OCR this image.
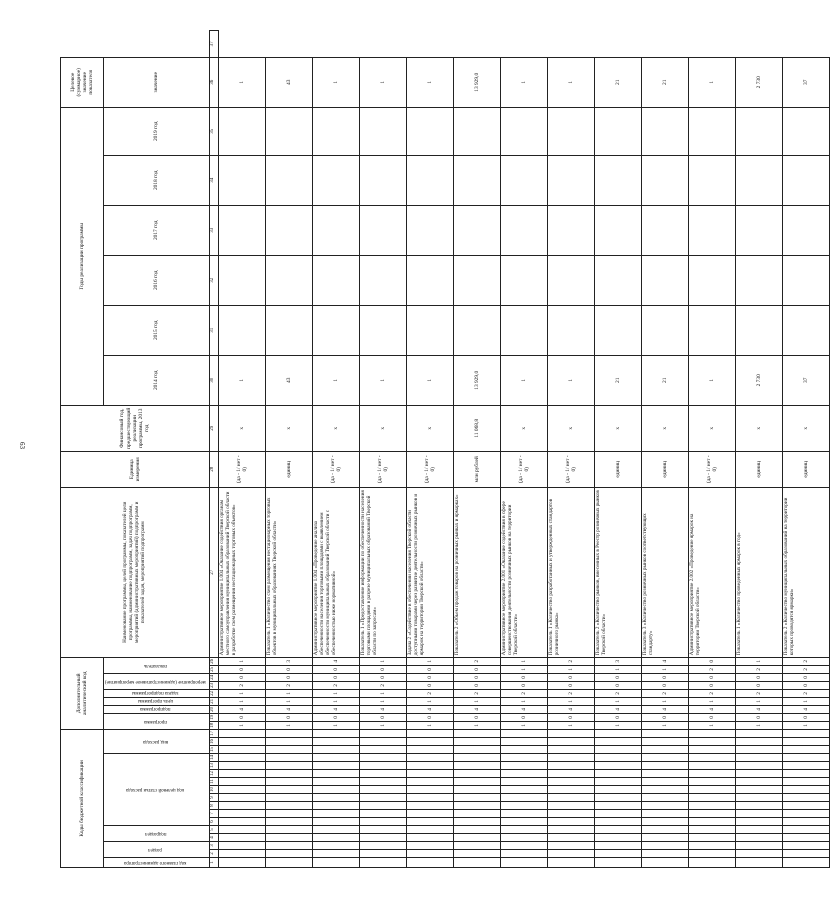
63
Коды бюджетной классификации																	Дополнительный аналитический код									Наименование программы, целей программы, показателей цели программы, наименование подпрограмм, задач подпрограмм, мероприятий (административных мероприятий) подпрограмм и показателей задач, мероприятий подпрограмм	Единица измерения	Финансовый год, предшествующий реализации программы, 2013 год	Годы реализации программы						Целевое (суммарное) значение показателя	
код главного администратора	раздел		подраздел		код целевой статьи расхода									вид расхода			программа		подпрограмма	цель программы	задача подпрограммы	мероприятие (административное мероприятие)		показатель					2014 год	2015 год	2016 год	2017 год	2018 год	2019 год	значение	
1	2	3	4	5	6	7	8	9	10	11	12	13	14	15	16	17	18	19	20	21	22	23	24	25	26	27	28	29	30	31	32	33	34	35	36	37
																	1	0	4	1	1	2	0	0	1	Административное мероприятие 1.004 «Оказание содействия органам местного самоуправления муниципальных образований Тверской области в разработке схем размещения нестационарных торговых объектов»	(да - 1/ нет - 0)	х	1						1	
																	1	0	4	1	1	2	0	0	3	Показатель 1 «Количество схем размещения нестационарных торговых объектов в муниципальных образованиях Тверской области»	единиц	х	43						43	
																	1	0	4	1	1	2	0	0	4	Административное мероприятие 1.004 «Проведение анализа обеспеченности населения торговыми площадями с выявлением обеспеченности муниципальных образований Тверской области с обеспеченностью ниже нормативной»	(да - 1/ нет - 0)	х	1						1	
																	1	0	4	1	1	2	0	0	1	Показатель 1 «Предоставление информации по обеспеченности населения торговыми площадями в разрезе муниципальных образований Тверской области по запросам»	(да - 1/ нет - 0)	х	1						1	
																	1	0	4	1	2	0	0	0	1	Задача 2 «Содействие в обеспечении населения Тверской области доступными товарами через развитие деятельности розничных рынков и ярмарок на территории Тверской области»	(да - 1/ нет - 0)	х	1						1	
																	1	0	4	1	2	0	0	0	2	Показатель 2 «Объем продаж товаров на розничных рынках и ярмарках»	млн рублей	11 068,8	13 929,0						13 929,0	
																	1	0	4	1	2	0	0	1	1	Административное мероприятие 2.001 «Оказание содействия в сфере совершенствования деятельности розничных рынков на территории Тверской области»	(да - 1/ нет - 0)	х	1						1	
																	1	0	4	1	2	0	0	1	2	Показатель 1 «Количество разработанных и утвержденных стандартов розничного рынка»	(да - 1/ нет - 0)	х	1						1	
																	1	0	4	1	2	0	0	1	3	Показатель 2 «Количество рынков, внесенных в Реестр розничных рынков Тверской области»	единиц	х	21						21	
																	1	0	4	1	2	0	0	1	4	Показатель 3 «Количество розничных рынков соответствующих стандарту»	единиц	х	21						21	
																	1	0	4	1	2	0	0	2	0	Административное мероприятие 2.002 «Проведение ярмарок на территории Тверской области»	(да - 1/ нет - 0)	х	1						1	
																	1	0	4	1	2	0	0	2	1	Показатель 1 «Количество проведенных ярмарок в год»	единиц	х	2 730						2 730	
																	1	0	4	1	2	0	0	2	2	Показатель 2 «Количество муниципальных образований на территории которых проводятся ярмарки»	единиц	х	37						37	
